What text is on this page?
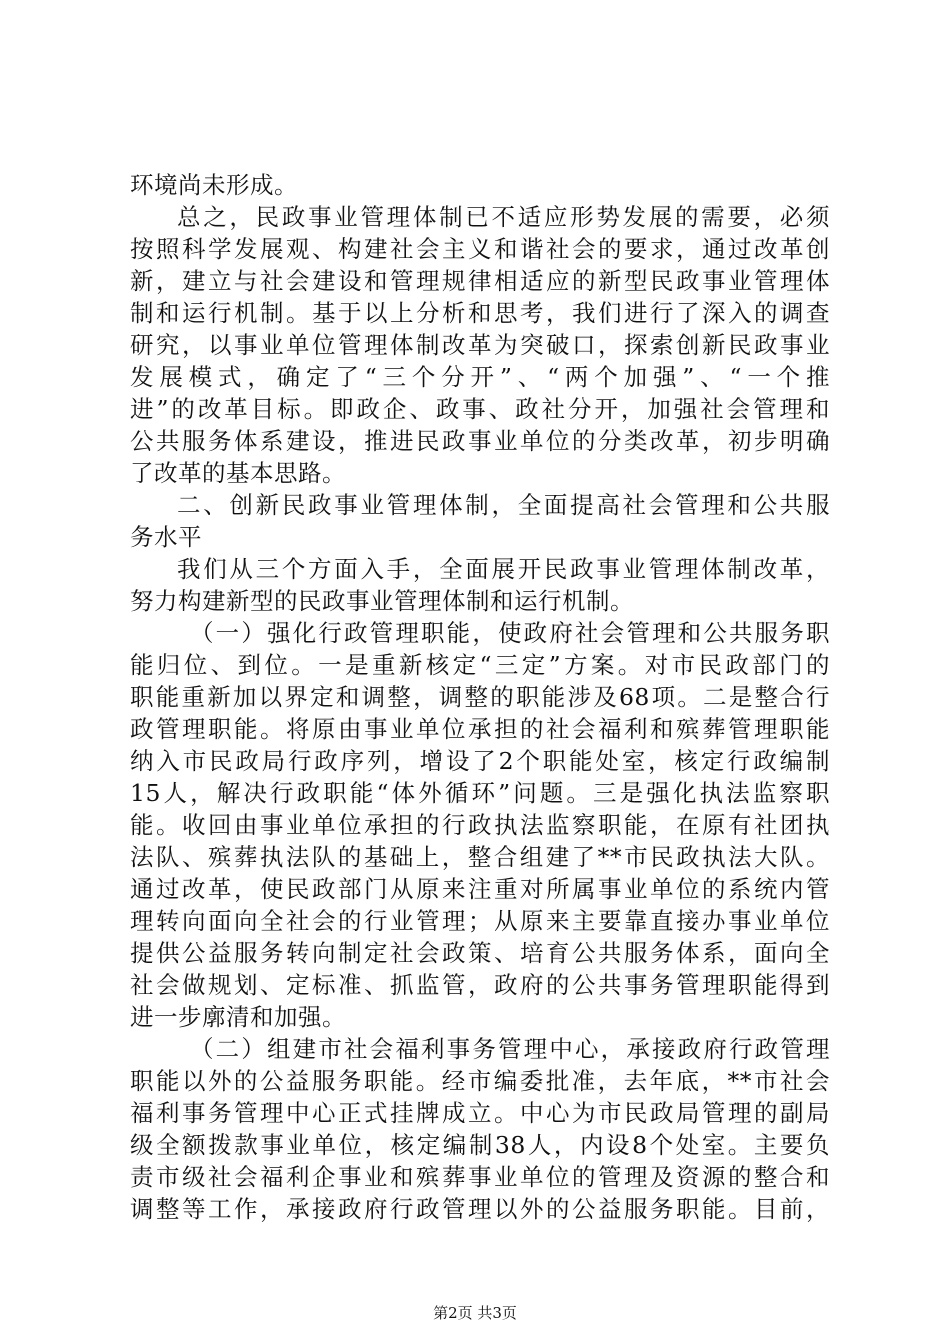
环境尚未形成。
总之，民政事业管理体制已不适应形势发展的需要，必须
按照科学发展观、构建社会主义和谐社会的要求，通过改革创
新，建立与社会建设和管理规律相适应的新型民政事业管理体
制和运行机制。基于以上分析和思考，我们进行了深入的调查
研究，以事业单位管理体制改革为突破口，探索创新民政事业
发展模式，确定了“三个分开”、“两个加强”、“一个推
进”的改革目标。即政企、政事、政社分开，加强社会管理和
公共服务体系建设，推进民政事业单位的分类改革，初步明确
了改革的基本思路。
二、创新民政事业管理体制，全面提高社会管理和公共服
务水平
我们从三个方面入手，全面展开民政事业管理体制改革，
努力构建新型的民政事业管理体制和运行机制。
（一）强化行政管理职能，使政府社会管理和公共服务职
能归位、到位。一是重新核定“三定”方案。对市民政部门的
职能重新加以界定和调整，调整的职能涉及68项。二是整合行
政管理职能。将原由事业单位承担的社会福利和殡葬管理职能
纳入市民政局行政序列，增设了2个职能处室，核定行政编制
15人，解决行政职能“体外循环”问题。三是强化执法监察职
能。收回由事业单位承担的行政执法监察职能，在原有社团执
法队、殡葬执法队的基础上，整合组建了**市民政执法大队。
通过改革，使民政部门从原来注重对所属事业单位的系统内管
理转向面向全社会的行业管理；从原来主要靠直接办事业单位
提供公益服务转向制定社会政策、培育公共服务体系，面向全
社会做规划、定标准、抓监管，政府的公共事务管理职能得到
进一步廓清和加强。
（二）组建市社会福利事务管理中心，承接政府行政管理
职能以外的公益服务职能。经市编委批准，去年底，**市社会
福利事务管理中心正式挂牌成立。中心为市民政局管理的副局
级全额拨款事业单位，核定编制38人，内设8个处室。主要负
责市级社会福利企事业和殡葬事业单位的管理及资源的整合和
调整等工作，承接政府行政管理以外的公益服务职能。目前，
第2页 共3页
